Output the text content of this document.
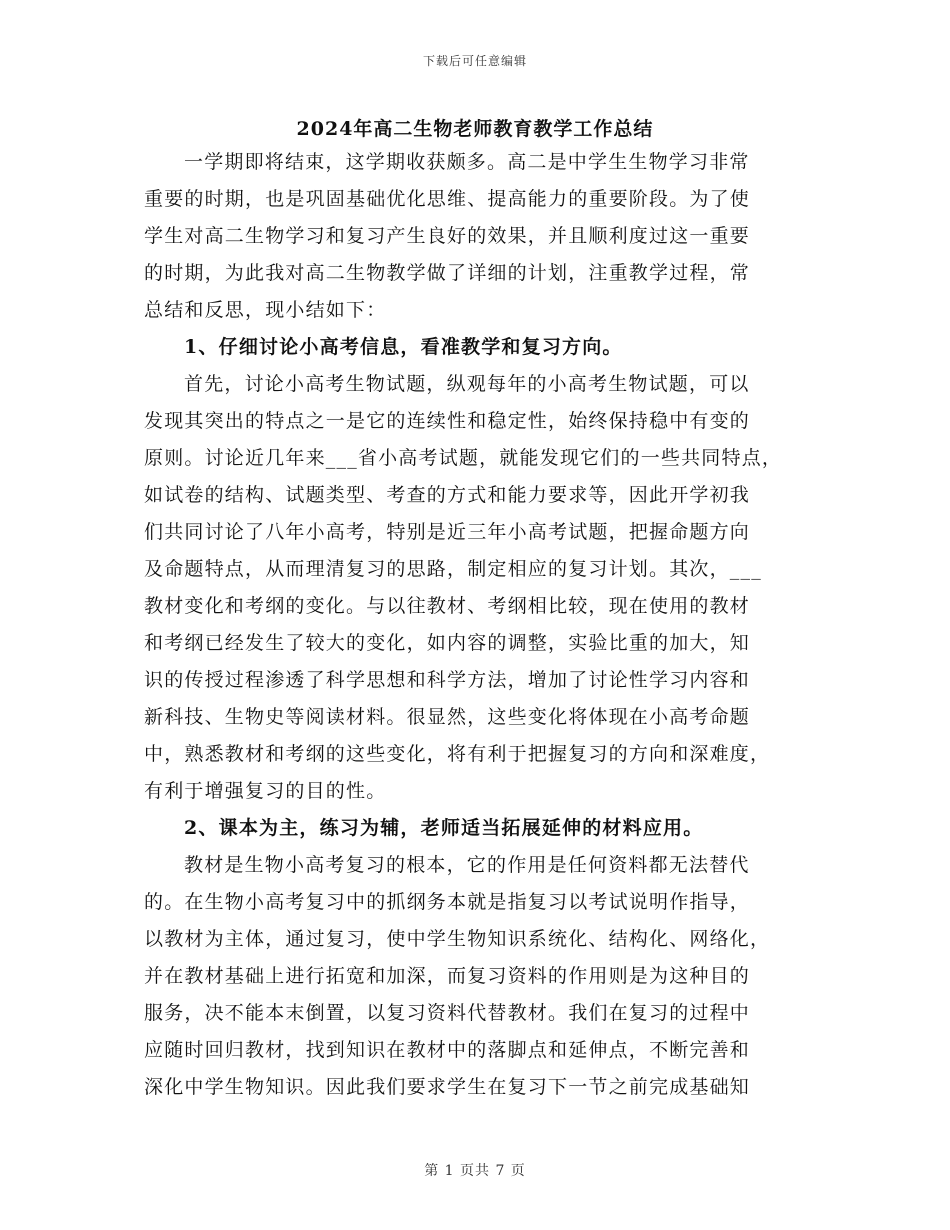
下载后可任意编辑
2024年高二生物老师教育教学工作总结
一学期即将结束，这学期收获颇多。高二是中学生生物学习非常
重要的时期，也是巩固基础优化思维、提高能力的重要阶段。为了使
学生对高二生物学习和复习产生良好的效果，并且顺利度过这一重要
的时期，为此我对高二生物教学做了详细的计划，注重教学过程，常
总结和反思，现小结如下：
1、仔细讨论小高考信息，看准教学和复习方向。
首先，讨论小高考生物试题，纵观每年的小高考生物试题，可以
发现其突出的特点之一是它的连续性和稳定性，始终保持稳中有变的
原则。讨论近几年来___省小高考试题，就能发现它们的一些共同特点，
如试卷的结构、试题类型、考查的方式和能力要求等，因此开学初我
们共同讨论了八年小高考，特别是近三年小高考试题，把握命题方向
及命题特点，从而理清复习的思路，制定相应的复习计划。其次，___
教材变化和考纲的变化。与以往教材、考纲相比较，现在使用的教材
和考纲已经发生了较大的变化，如内容的调整，实验比重的加大，知
识的传授过程渗透了科学思想和科学方法，增加了讨论性学习内容和
新科技、生物史等阅读材料。很显然，这些变化将体现在小高考命题
中，熟悉教材和考纲的这些变化，将有利于把握复习的方向和深难度，
有利于增强复习的目的性。
2、课本为主，练习为辅，老师适当拓展延伸的材料应用。
教材是生物小高考复习的根本，它的作用是任何资料都无法替代
的。在生物小高考复习中的抓纲务本就是指复习以考试说明作指导，
以教材为主体，通过复习，使中学生物知识系统化、结构化、网络化，
并在教材基础上进行拓宽和加深，而复习资料的作用则是为这种目的
服务，决不能本末倒置，以复习资料代替教材。我们在复习的过程中
应随时回归教材，找到知识在教材中的落脚点和延伸点，不断完善和
深化中学生物知识。因此我们要求学生在复习下一节之前完成基础知
第 1 页共 7 页
